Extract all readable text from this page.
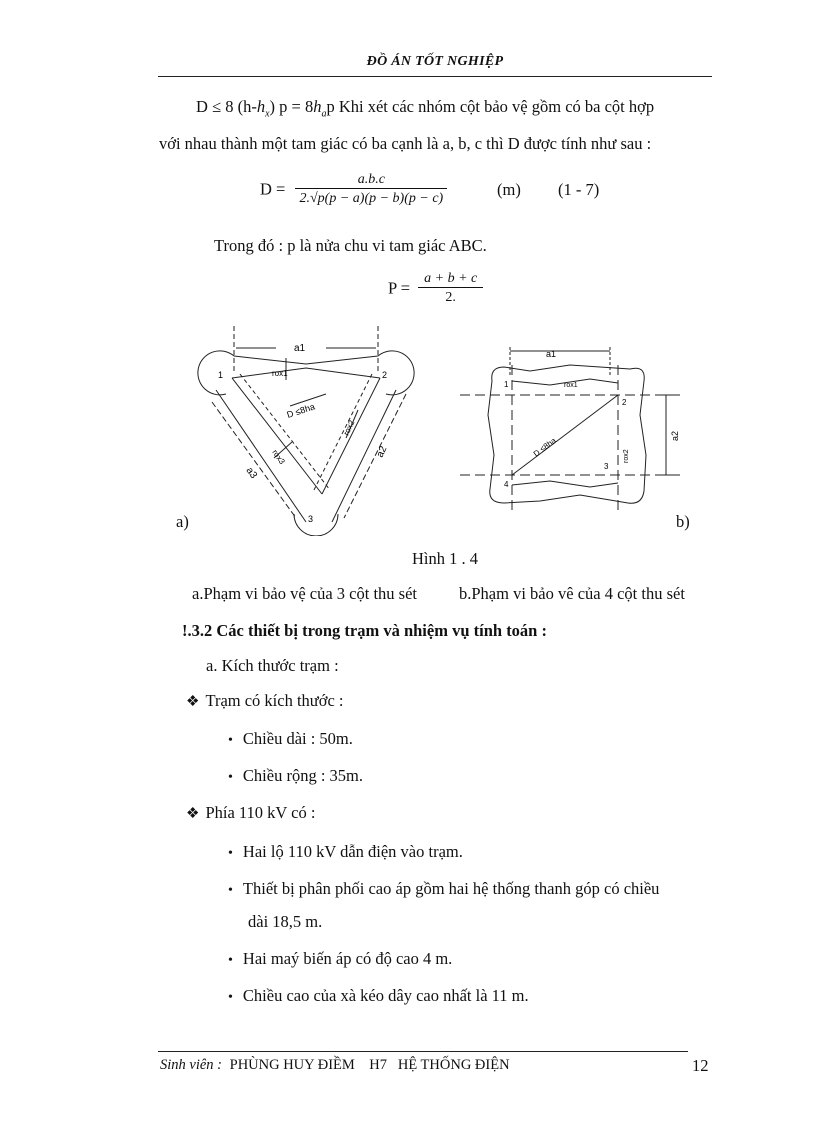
ĐỒ ÁN TỐT NGHIỆP
D ≤ 8 $(h-h_x) p = 8h_ap$ Khi xét các nhóm cột bảo vệ gồm có ba cột hợp
với nhau thành một tam giác có ba cạnh là a, b, c thì D được tính như sau :
$D = \frac{a.b.c}{2.√p(p - a)(p - b)(p - c)}$	(m) (1 - 7)
Trong đó : p là nửa chu vi tam giác ABC.
$P = \frac{a + b + c}{2.}$
a1
rox1
1	2
3
D ≤8ha
a2
a3
rox2
rox3
a1
rox1
rox2
a2
D ≤8ha
1
2
3
4
a)	b)
Hình 1 . 4
a.Phạm vi bảo vệ của 3 cột thu sét	b.Phạm vi bảo vê của 4 cột thu sét
!.3.2 Các thiết bị trong trạm và nhiệm vụ tính toán :
a. Kích thước trạm :
❖ Trạm có kích thước :
• Chiều dài : 50m.
• Chiều rộng : 35m.
❖ Phía 110 kV có :
• Hai lộ 110 kV dẫn điện vào trạm.
• Thiết bị phân phối cao áp gồm hai hệ thống thanh góp có chiều
dài 18,5 m.
• Hai maý biến áp có độ cao 4 m.
• Chiều cao của xà kéo dây cao nhất là 11 m.
Sinh viên : PHÙNG HUY ĐIỀM    H7   HỆ THỐNG ĐIỆN	12
